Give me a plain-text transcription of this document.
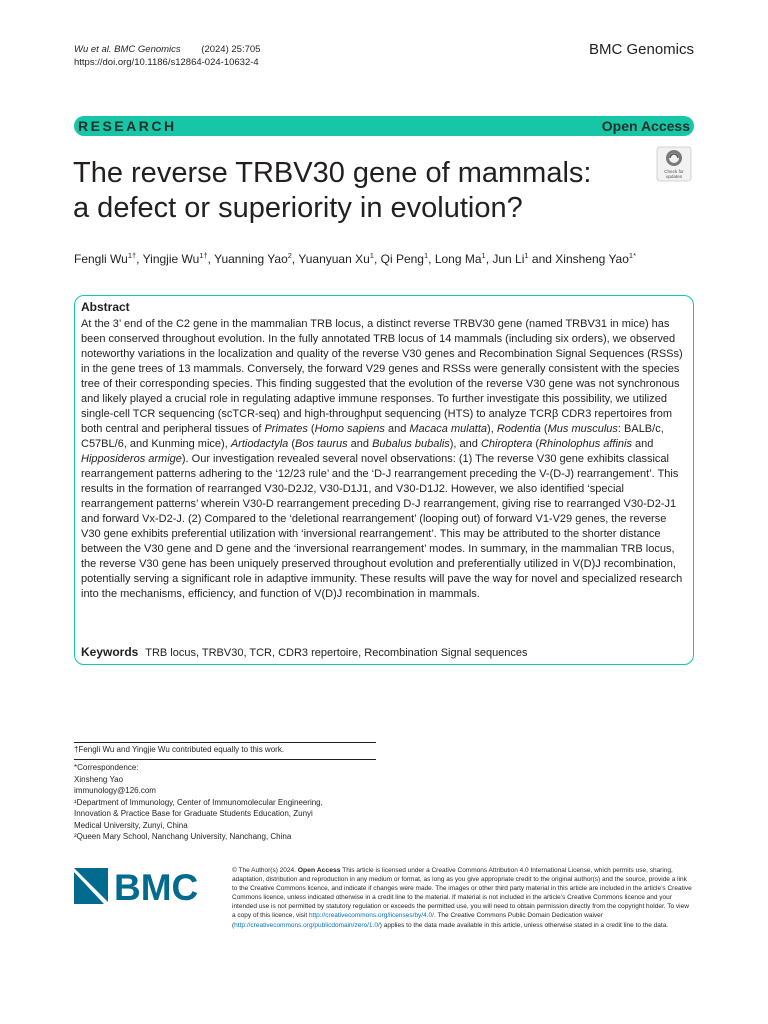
Wu et al. BMC Genomics (2024) 25:705
https://doi.org/10.1186/s12864-024-10632-4
BMC Genomics
RESEARCH	Open Access
The reverse TRBV30 gene of mammals:
a defect or superiority in evolution?
Check for
updates
Fengli $Wu^{1\dagger}$, Yingjie $Wu^{1\dagger}$, Yuanning Yao$^2$, Yuanyuan Xu$^1$, Qi Peng$^1$, Long Ma$^1$, Jun Li$^1$ and Xinsheng Yao$^{1*}$
Abstract

At the 3’ end of the C2 gene in the mammalian TRB locus, a distinct reverse TRBV30 gene (named TRBV31 in mice) has been conserved throughout evolution. In the fully annotated TRB locus of 14 mammals (including six orders), we observed noteworthy variations in the localization and quality of the reverse V30 genes and Recombination Signal Sequences (RSSs) in the gene trees of 13 mammals. Conversely, the forward V29 genes and RSSs were generally consistent with the species tree of their corresponding species. This finding suggested that the evolution of the reverse V30 gene was not synchronous and likely played a crucial role in regulating adaptive immune responses. To further investigate this possibility, we utilized single-cell TCR sequencing (scTCR-seq) and high-throughput sequencing (HTS) to analyze TCRβ CDR3 repertoires from both central and peripheral tissues of Primates (Homo sapiens and Macaca mulatta), Rodentia (Mus musculus: BALB/c, C57BL/6, and Kunming mice), Artiodactyla (Bos taurus and Bubalus bubalis), and Chiroptera (Rhinolophus affinis and Hipposideros armige). Our investigation revealed several novel observations: (1) The reverse V30 gene exhibits classical rearrangement patterns adhering to the ‘12/23 rule’ and the ‘D-J rearrangement preceding the V-(D-J) rearrangement’. This results in the formation of rearranged V30-D2J2, V30-D1J1, and V30-D1J2. However, we also identified ‘special rearrangement patterns’ wherein V30-D rearrangement preceding D-J rearrangement, giving rise to rearranged V30-D2-J1 and forward Vx-D2-J. (2) Compared to the ‘deletional rearrangement’ (looping out) of forward V1-V29 genes, the reverse V30 gene exhibits preferential utilization with ‘inversional rearrangement’. This may be attributed to the shorter distance between the V30 gene and D gene and the ‘inversional rearrangement’ modes. In summary, in the mammalian TRB locus, the reverse V30 gene has been uniquely preserved throughout evolution and preferentially utilized in V(D)J recombination, potentially serving a significant role in adaptive immunity. These results will pave the way for novel and specialized research into the mechanisms, efficiency, and function of V(D)J recombination in mammals.

Keywords TRB locus, TRBV30, TCR, CDR3 repertoire, Recombination Signal sequences
†Fengli Wu and Yingjie Wu contributed equally to this work.
*Correspondence:
Xinsheng Yao
immunology@126.com
¹Department of Immunology, Center of Immunomolecular Engineering,
Innovation & Practice Base for Graduate Students Education, Zunyi
Medical University, Zunyi, China
²Queen Mary School, Nanchang University, Nanchang, China
BMC	© The Author(s) 2024. Open Access This article is licensed under a Creative Commons Attribution 4.0 International License, which permits use, sharing, adaptation, distribution and reproduction in any medium or format, as long as you give appropriate credit to the original author(s) and the source, provide a link to the Creative Commons licence, and indicate if changes were made. The images or other third party material in this article are included in the article’s Creative Commons licence, unless indicated otherwise in a credit line to the material. If material is not included in the article’s Creative Commons licence and your intended use is not permitted by statutory regulation or exceeds the permitted use, you will need to obtain permission directly from the copyright holder. To view a copy of this licence, visit http://creativecommons.org/licenses/by/4.0/. The Creative Commons Public Domain Dedication waiver (http://creativecommons.org/publicdomain/zero/1.0/) applies to the data made available in this article, unless otherwise stated in a credit line to the data.
